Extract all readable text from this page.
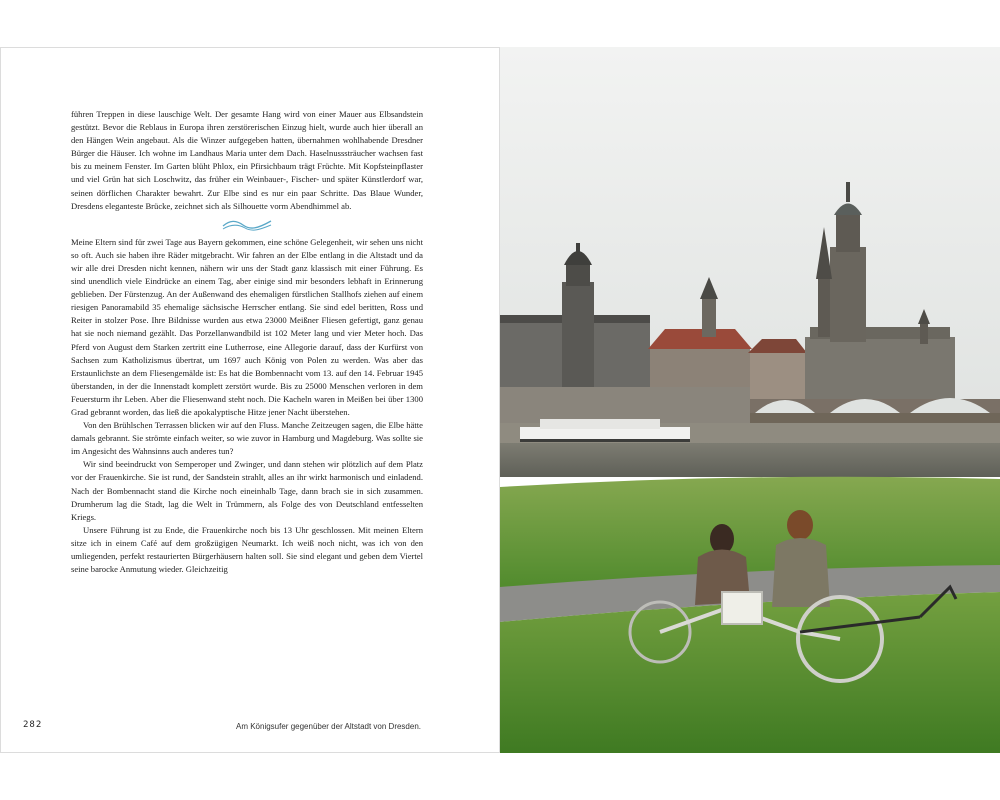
führen Treppen in diese lauschige Welt. Der gesamte Hang wird von einer Mauer aus Elbsandstein gestützt. Bevor die Reblaus in Europa ihren zerstörerischen Einzug hielt, wurde auch hier überall an den Hängen Wein angebaut. Als die Winzer aufgegeben hatten, übernahmen wohlhabende Dresdner Bürger die Häuser. Ich wohne im Landhaus Maria unter dem Dach. Haselnusssträucher wachsen fast bis zu meinem Fenster. Im Garten blüht Phlox, ein Pfirsichbaum trägt Früchte. Mit Kopfsteinpflaster und viel Grün hat sich Loschwitz, das früher ein Weinbauer-, Fischer- und später Künstlerdorf war, seinen dörflichen Charakter bewahrt. Zur Elbe sind es nur ein paar Schritte. Das Blaue Wunder, Dresdens eleganteste Brücke, zeichnet sich als Silhouette vorm Abendhimmel ab.

Meine Eltern sind für zwei Tage aus Bayern gekommen, eine schöne Gelegenheit, wir sehen uns nicht so oft. Auch sie haben ihre Räder mitgebracht. Wir fahren an der Elbe entlang in die Altstadt und da wir alle drei Dresden nicht kennen, nähern wir uns der Stadt ganz klassisch mit einer Führung. Es sind unendlich viele Eindrücke an einem Tag, aber einige sind mir besonders lebhaft in Erinnerung geblieben. Der Fürstenzug. An der Außenwand des ehemaligen fürstlichen Stallhofs ziehen auf einem riesigen Panoramabild 35 ehemalige sächsische Herrscher entlang. Sie sind edel beritten, Ross und Reiter in stolzer Pose. Ihre Bildnisse wurden aus etwa 23000 Meißner Fliesen gefertigt, ganz genau hat sie noch niemand gezählt. Das Porzellanwandbild ist 102 Meter lang und vier Meter hoch. Das Pferd von August dem Starken zertritt eine Lutherrose, eine Allegorie darauf, dass der Kurfürst von Sachsen zum Katholizismus übertrat, um 1697 auch König von Polen zu werden. Was aber das Erstaunlichste an dem Fliesengemälde ist: Es hat die Bombennacht vom 13. auf den 14. Februar 1945 überstanden, in der die Innenstadt komplett zerstört wurde. Bis zu 25000 Menschen verloren in dem Feuersturm ihr Leben. Aber die Fliesenwand steht noch. Die Kacheln waren in Meißen bei über 1300 Grad gebrannt worden, das ließ die apokalyptische Hitze jener Nacht überstehen.

Von den Brühlschen Terrassen blicken wir auf den Fluss. Manche Zeitzeugen sagen, die Elbe hätte damals gebrannt. Sie strömte einfach weiter, so wie zuvor in Hamburg und Magdeburg. Was sollte sie im Angesicht des Wahnsinns auch anderes tun?

Wir sind beeindruckt von Semperoper und Zwinger, und dann stehen wir plötzlich auf dem Platz vor der Frauenkirche. Sie ist rund, der Sandstein strahlt, alles an ihr wirkt harmonisch und einladend. Nach der Bombennacht stand die Kirche noch eineinhalb Tage, dann brach sie in sich zusammen. Drumherum lag die Stadt, lag die Welt in Trümmern, als Folge des von Deutschland entfesselten Kriegs.

Unsere Führung ist zu Ende, die Frauenkirche noch bis 13 Uhr geschlossen. Mit meinen Eltern sitze ich in einem Café auf dem großzügigen Neumarkt. Ich weiß noch nicht, was ich von den umliegenden, perfekt restaurierten Bürgerhäusern halten soll. Sie sind elegant und geben dem Viertel seine barocke Anmutung wieder. Gleichzeitig

282	Am Königsufer gegenüber der Altstadt von Dresden.
